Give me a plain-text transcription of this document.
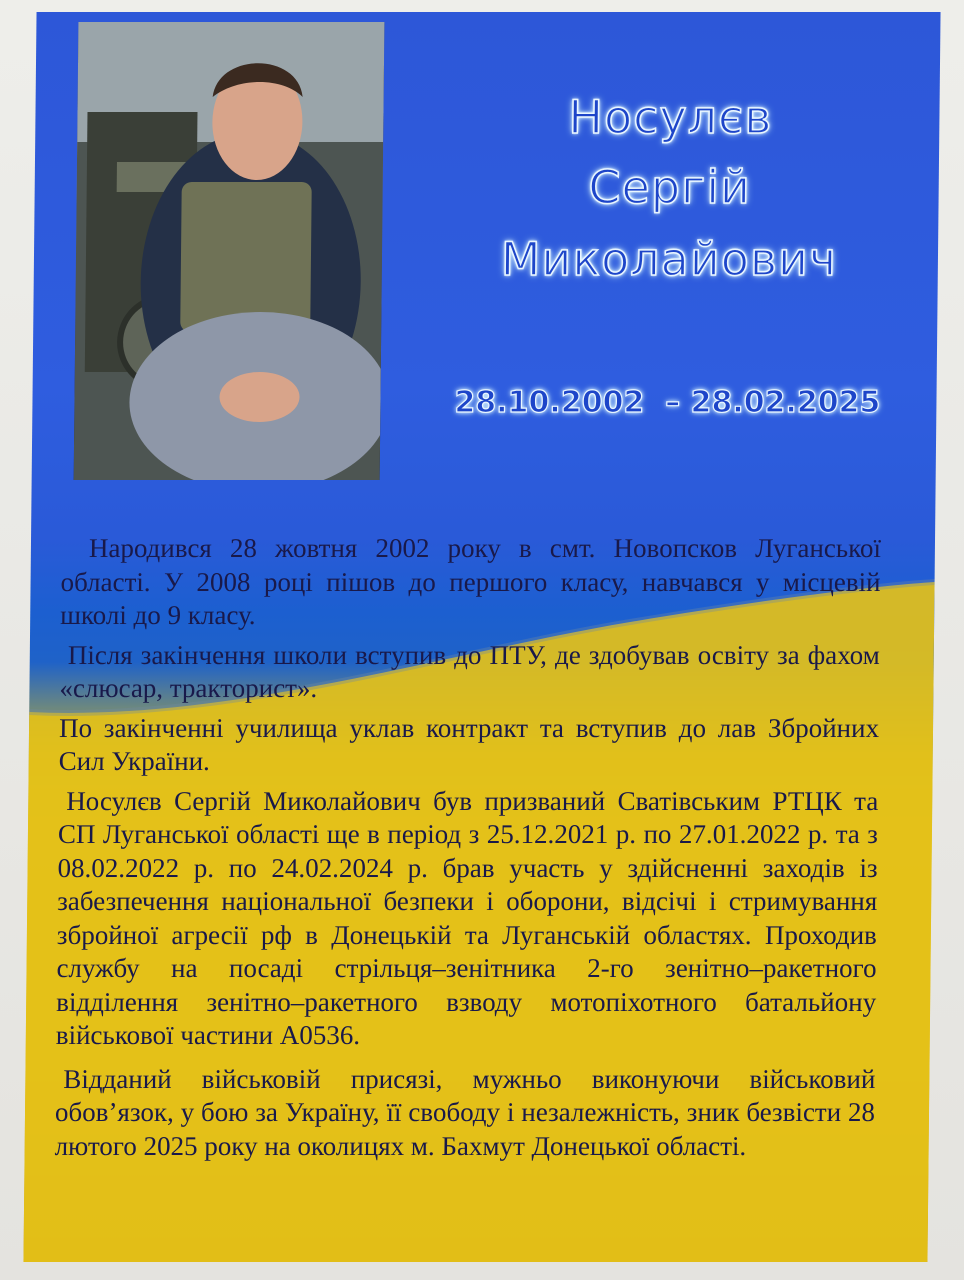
Носулєв
Сергій
Миколайович
28.10.2002  – 28.02.2025

Народився 28 жовтня 2002 року в смт. Новопсков Луганської області. У 2008 році пішов до першого класу, навчався у місцевій школі до 9 класу.

Після закінчення школи вступив до ПТУ, де здобував освіту за фахом «слюсар, тракторист».

По закінченні училища уклав контракт та вступив до лав Збройних Сил України.

Носулєв Сергій Миколайович був призваний Сватівським РТЦК та СП Луганської області ще в період з 25.12.2021 р. по 27.01.2022 р. та з 08.02.2022 р. по 24.02.2024 р. брав участь у здійсненні заходів із забезпечення національної безпеки і оборони, відсічі і стримування збройної агресії рф в Донецькій та Луганській областях. Проходив службу на посаді стрільця–зенітника 2-го зенітно–ракетного відділення зенітно–ракетного взводу мотопіхотного батальйону військової частини А0536.

Відданий військовій присязі, мужньо виконуючи військовий обов’язок, у бою за Україну, її свободу і незалежність, зник безвісти 28 лютого 2025 року на околицях м. Бахмут Донецької області.
